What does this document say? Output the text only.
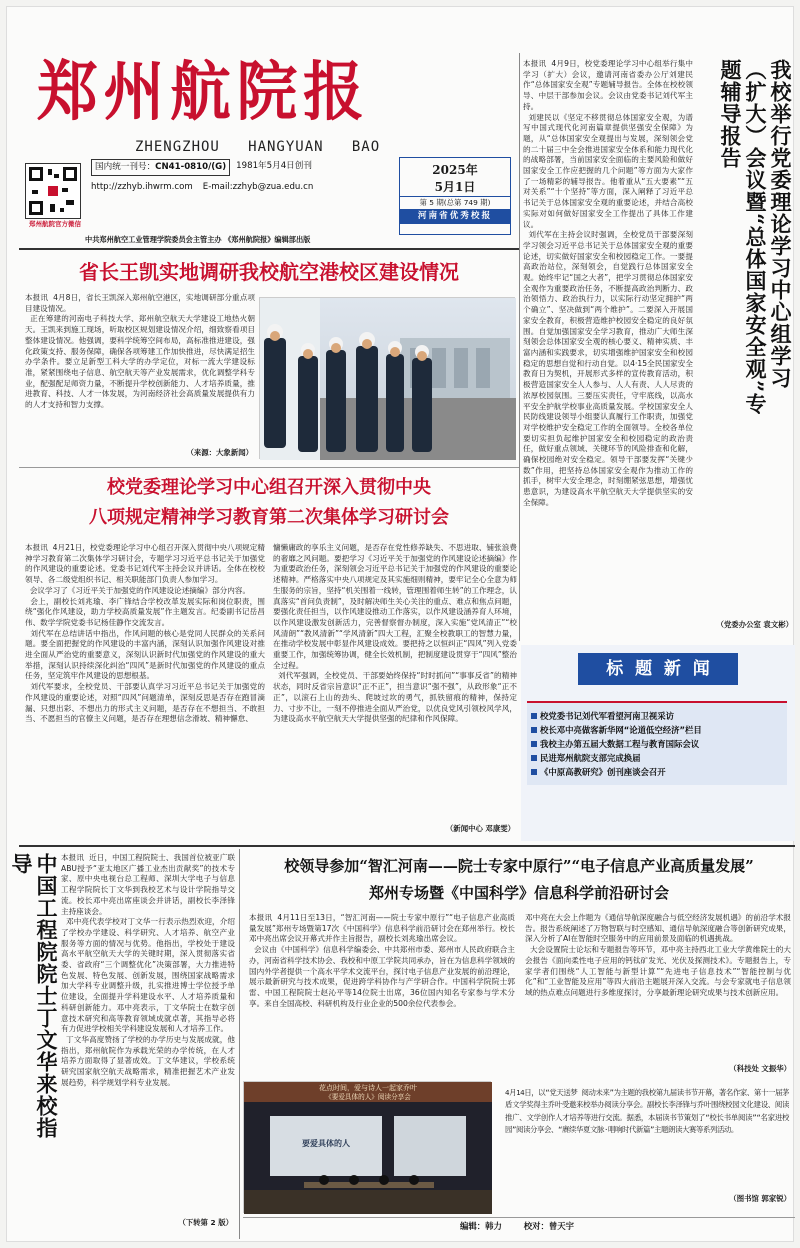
郑州航院报
ZHENGZHOU   HANGYUAN   BAO
郑州航院官方微信
国内统一刊号：CN41-0810/(G)	1981年5月4日创刊
http://zzhyb.ihwrm.com E-mail:zzhyb@zua.edu.cn
2025年
5月1日
第 5 期(总第 749 期)
河南省优秀校报
中共郑州航空工业管理学院委员会主管主办 《郑州航院报》编辑部出版	我校举行党委理论学习中心组学习（扩大）会议暨“总体国家安全观”专题辅导报告
本报讯  4月9日，校党委理论学习中心组举行集中学习（扩大）会议，邀请河南省委办公厅刘建民作“总体国家安全观”专题辅导报告。全体在校校领导、中层干部参加会议。会议由党委书记刘代军主持。
刘建民以《坚定不移贯彻总体国家安全观，为谱写中国式现代化河南篇章提供坚强安全保障》为题，从“总体国家安全观提出与发展，深刻领会党的二十届三中全会推进国家安全体系和能力现代化的战略部署，当前国家安全面临的主要风险和做好国家安全工作应把握的几个问题”等方面为大家作了一场精彩的辅导报告。他着重从“五大要素”“五对关系”“十个坚持”等方面，深入阐释了习近平总书记关于总体国家安全观的重要论述，并结合高校实际对如何做好国家安全工作提出了具体工作建议。
刘代军在主持会议时强调，全校党员干部要深刻学习领会习近平总书记关于总体国家安全观的重要论述，切实做好国家安全和校园稳定工作。一要提高政治站位，深刻领会，自觉践行总体国家安全观。始终牢记“国之大者”，把学习贯彻总体国家安全观作为重要政治任务，不断提高政治判断力、政治领悟力、政治执行力，以实际行动坚定拥护“两个确立”、坚决做到“两个维护”。二要深入开展国家安全教育，积极营造维护校园安全稳定的良好氛围。自觉加强国家安全学习教育，推动广大师生深刻领会总体国家安全观的核心要义、精神实质、丰富内涵和实践要求，切实增强维护国家安全和校园稳定的思想自觉和行动自觉。以4·15全民国家安全教育日为契机，开展形式多样的宣传教育活动，积极营造国家安全人人参与、人人有责、人人尽责的浓厚校园氛围。三要压实责任，守牢底线，以高水平安全护航学校事业高质量发展。学校国家安全人民防线建设领导小组要认真履行工作职责，加强党对学校维护安全稳定工作的全面领导。全校各单位要切实担负起维护国家安全和校园稳定的政治责任，做好重点领域、关键环节的风险排查和化解，确保校园绝对安全稳定。领导干部要发挥“关键少数”作用，把坚持总体国家安全观作为推动工作的抓手，树牢大安全理念，时刻绷紧弦思想，增强忧患意识，为建设高水平航空航天大学提供坚实的安全保障。
（党委办公室 袁文彬）
省长王凯实地调研我校航空港校区建设情况
本报讯  4月8日，省长王凯深入郑州航空港区，实地调研部分重点项目建设情况。
正在筹建的河南电子科技大学、郑州航空航天大学建设工地热火朝天。王凯来到施工现场，听取校区规划建设情况介绍，细致察看项目整体建设情况。他强调，要科学统筹空间布局，高标准推进建设，强化政策支持、服务保障，确保各项筹建工作加快推进，尽快满足招生办学条件。要立足新型工科大学的办学定位，对标一流大学建设标准，紧紧围绕电子信息、航空航天等产业发展需求，优化调整学科专业，配强配足师资力量，不断提升学校创新能力、人才培养质量，推进教育、科技、人才一体发展，为河南经济社会高质量发展提供有力的人才支持和智力支撑。
（来源：大象新闻）
校党委理论学习中心组召开深入贯彻中央
八项规定精神学习教育第二次集体学习研讨会
本报讯  4月21日，校党委理论学习中心组召开深入贯彻中央八项规定精神学习教育第二次集体学习研讨会，专题学习习近平总书记关于加强党的作风建设的重要论述。党委书记刘代军主持会议并讲话。全体在校校领导、各二级党组织书记、相关职能部门负责人参加学习。
会议学习了《习近平关于加强党的作风建设论述摘编》部分内容。
会上，副校长刘兆瑜、李广锋结合学校改革发展实际和岗位职责，围绕“强化作风建设，助力学校高质量发展”作主题发言。纪委副书记岳昌伟、数学学院党委书记杨佳静作交流发言。
刘代军在总结讲话中指出，作风问题的核心是党同人民群众的关系问题。要全面把握党的作风建设的丰富内涵，深刻认识加强作风建设对推进全面从严治党的重要意义，深刻认识新时代加强党的作风建设的重大举措，深刻认识持续深化纠治“四风”是新时代加强党的作风建设的重点任务，坚定筑牢作风建设的思想根基。
刘代军要求，全校党员、干部要认真学习习近平总书记关于加强党的作风建设的重要论述，对照“四风”问题清单，深刻反思是否存在跑冒滴漏、只想出彩、不想出力的形式主义问题，是否存在不想担当、不敢担当、不愿担当的官僚主义问题，是否存在理想信念滑坡、精神懈怠、
慵懒庸政的享乐主义问题，是否存在党性修养缺失、不思进取、铺张浪费的奢靡之风问题。要把学习《习近平关于加强党的作风建设论述摘编》作为重要政治任务，深刻领会习近平总书记关于加强党的作风建设的重要论述精神。严格落实中央八项规定及其实施细则精神，要牢记全心全意为师生服务的宗旨，坚持“机关围着一线转，管理围着师生转”的工作理念，认真落实“首问负责制”，及时解决师生关心关注的重点、难点和焦点问题，要强化责任担当，以作风建设推动工作落实，以作风建设涵养育人环境，以作风建设激发创新活力，完善督察督办制度，深入实施“党风清正”“校风清朗”“教风清新”“学风清新”四大工程，汇聚全校教职工的智慧力量，在推动学校发展中彰显作风建设成效。要把持之以恒纠正“四风”列入党委重要工作，加强统筹协调，健全长效机制，把制度建设贯穿于“四风”整治全过程。
刘代军强调，全校党员、干部要始终保持“时时抓问”“事事反省”的精神状态，同时反省宗旨意识“正不正”，担当意识“强不强”，从政形象“正不正”，以滚石上山的劲头、爬坡过坎的勇气，抓铁留痕的精神，保持定力、寸步不让，一刻不停推进全面从严治党，以优良党风引领校风学风，为建设高水平航空航天大学提供坚强的纪律和作风保障。
（新闻中心 邓康雯）
标  题  新  闻
校党委书记刘代军看望河南卫视采访
校长邓中亮做客新华网“论道低空经济”栏目
我校主办第五届大数据工程与教育国际会议
民进郑州航院支部完成换届
《中原高教研究》创刊座谈会召开
中国工程院院士丁文华来校指导	本报讯  近日，中国工程院院士、我国首位被亚广联ABU授予“亚太地区广播工业杰出贡献奖”的技术专家、原中央电视台总工程师、深圳大学电子与信息工程学院院长丁文华到我校艺术与设计学院指导交流。校长邓中亮出席座谈会并讲话，副校长李泽锋主持座谈会。
邓中亮代表学校对丁文华一行表示热烈欢迎，介绍了学校办学建设、科学研究、人才培养、航空产业服务等方面的情况与优势。他指出，学校处于建设高水平航空航天大学的关键时期，深入贯彻落实省委、省政府“三个调整优化”决策部署，大力推进特色发展、特色发展、创新发展，围绕国家战略需求加大学科专业调整升级，扎实推进博士学位授予单位建设，全面提升学科建设水平、人才培养质量和科研创新能力。邓中亮表示，丁文华院士在数字创意技术研究和高等教育领域成就卓著，其指导必将有力促进学校相关学科建设发展和人才培养工作。
丁文华高度赞扬了学校的办学历史与发展成就，他指出，郑州航院作为承载光荣的办学传统，在人才培养方面取得了显著成效。丁文华建议，学校系统研究国家航空航天战略需求，精准把握艺术产业发展趋势，科学规划学科专业发展。
（下转第 2 版）
校领导参加“智汇河南——院士专家中原行”“电子信息产业高质量发展”
郑州专场暨《中国科学》信息科学前沿研讨会
本报讯  4月11日至13日，“智汇河南——院士专家中原行”“电子信息产业高质量发展”郑州专场暨第17次《中国科学》信息科学前沿研讨会在郑州举行。校长邓中亮出席会议开幕式并作主旨报告，副校长刘兆瑜出席会议。
会议由《中国科学》信息科学编委会、中共郑州市委、郑州市人民政府联合主办，河南省科学技术协会、我校和中原工学院共同承办，旨在为信息科学领域的国内外学者提供一个高水平学术交流平台，探讨电子信息产业发展的前沿理论，展示最新研究与技术成果，促进跨学科协作与产学研合作。中国科学院院士郭雷、中国工程院院士赵沁平等14位院士出席，36位国内知名专家参与学术分享。来自全国高校、科研机构及行业企业的500余位代表参会。
邓中亮在大会上作题为《通信导航深度融合与低空经济发展机遇》的前沿学术报告。报告系统阐述了万物智联与时空感知、通信导航深度融合等创新研究成果，深入分析了AI在智能时空服务中的应用前景及面临的机遇挑战。
大会设置院士论坛和专题报告等环节，邓中亮主持西北工业大学黄维院士的大会报告《面向柔性电子应用的钙钛矿发光、光伏及探测技术》。专题报告上，专家学者们围绕“人工智能与新型计算”“先进电子信息技术”“智能控制与优化”和“工业智能及应用”等四大前沿主题展开深入交流。与会专家就电子信息领域的热点难点问题进行多维度探讨，分享最新理论研究成果与技术创新应用。
（科技处 文振华）
花点时间，爱与诗人一起家乔叶
《要爱具体的人》阅读分享会
要爱具体的人
4月14日，以“党天送梦 阅动未来”为主题的我校第九届读书节开幕，著名作家、第十一届茅盾文学奖得主乔叶受邀来校举办阅读分享会。副校长李泽锋与乔叶围绕校园文化建设、阅读推广、文学创作人才培养等进行交流。据悉，本届读书节策划了“校长书单阅读”“名家进校园”阅读分享会、“赓续华夏文脉·唱响时代新篇”主题朗读大赛等系列活动。
（图书馆 郭家锐）
编辑：韩力	校对：曾天宇
